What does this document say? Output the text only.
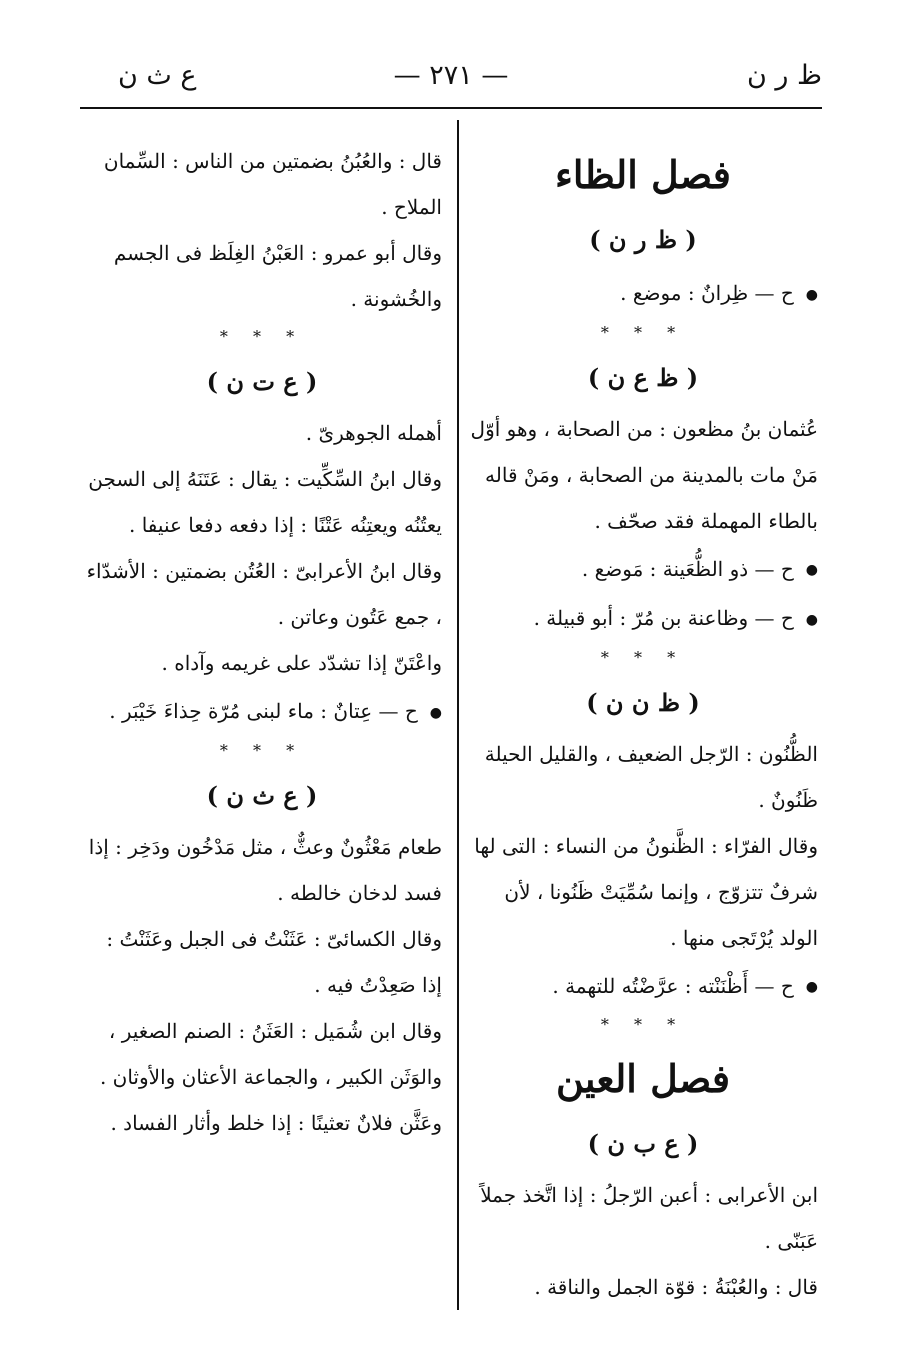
ظ ر ن
— ٢٧١ —
ع ث ن
فصل الظاء
( ظ ر ن )

●ح — ظِرانٌ : موضع .

* * *
( ظ ع ن )

عُثمان بنُ مظعون : من الصحابة ، وهو أوّل مَنْ مات بالمدينة من الصحابة ، ومَنْ قاله بالطاء المهملة فقد صحّف .

●ح — ذو الظُّعَينة : مَوضع .

●ح — وظاعنة بن مُرّ : أبو قبيلة .

* * *
( ظ ن ن )

الظُّنُون : الرّجل الضعيف ، والقليل الحيلة ظَنُونٌ .

وقال الفرّاء : الظَّنونُ من النساء : التى لها شرفٌ تتزوّج ، وإنما سُمِّيَتْ ظَنُونا ، لأن الولد يُرْتَجى منها .

●ح — أَظْنَنْته : عرَّضْتُه للتهمة .

* * *
فصل العين
( ع ب ن )

ابن الأعرابى : أعبن الرّجلُ : إذا اتَّخذ جملاً عَبَنّى .

قال : والعُبْنَةُ : قوّة الجمل والناقة .

قال : والعُبُنُ بضمتين من الناس : السِّمان الملاح .

وقال أبو عمرو : العَبْنُ الغِلَظ فى الجسم والخُشونة .

* * *
( ع ت ن )

أهمله الجوهرىّ .

وقال ابنُ السِّكِّيت : يقال : عَتَنَهُ إلى السجن يعتُنُه ويعتِنُه عَتْنًا : إذا دفعه دفعا عنيفا .

وقال ابنُ الأعرابىّ : العُتُن بضمتين : الأشدّاء ، جمع عَتُون وعاتن .

واعْتَنّ إذا تشدّد على غريمه وآداه .

●ح — عِتانٌ : ماء لبنى مُرّة حِذاءَ خَيْبَر .

* * *
( ع ث ن )

طعام مَعْثُونٌ وعثٌّ ، مثل مَدْخُون ودَخِر : إذا فسد لدخان خالطه .

وقال الكسائىّ : عَثَنْتُ فى الجبل وعَثَنْتُ : إذا صَعِدْتُ فيه .

وقال ابن شُمَيل : العَثَنُ : الصنم الصغير ، والوَثَن الكبير ، والجماعة الأعثان والأوثان .

وعَثَّن فلانٌ تعثينًا : إذا خلط وأثار الفساد .
